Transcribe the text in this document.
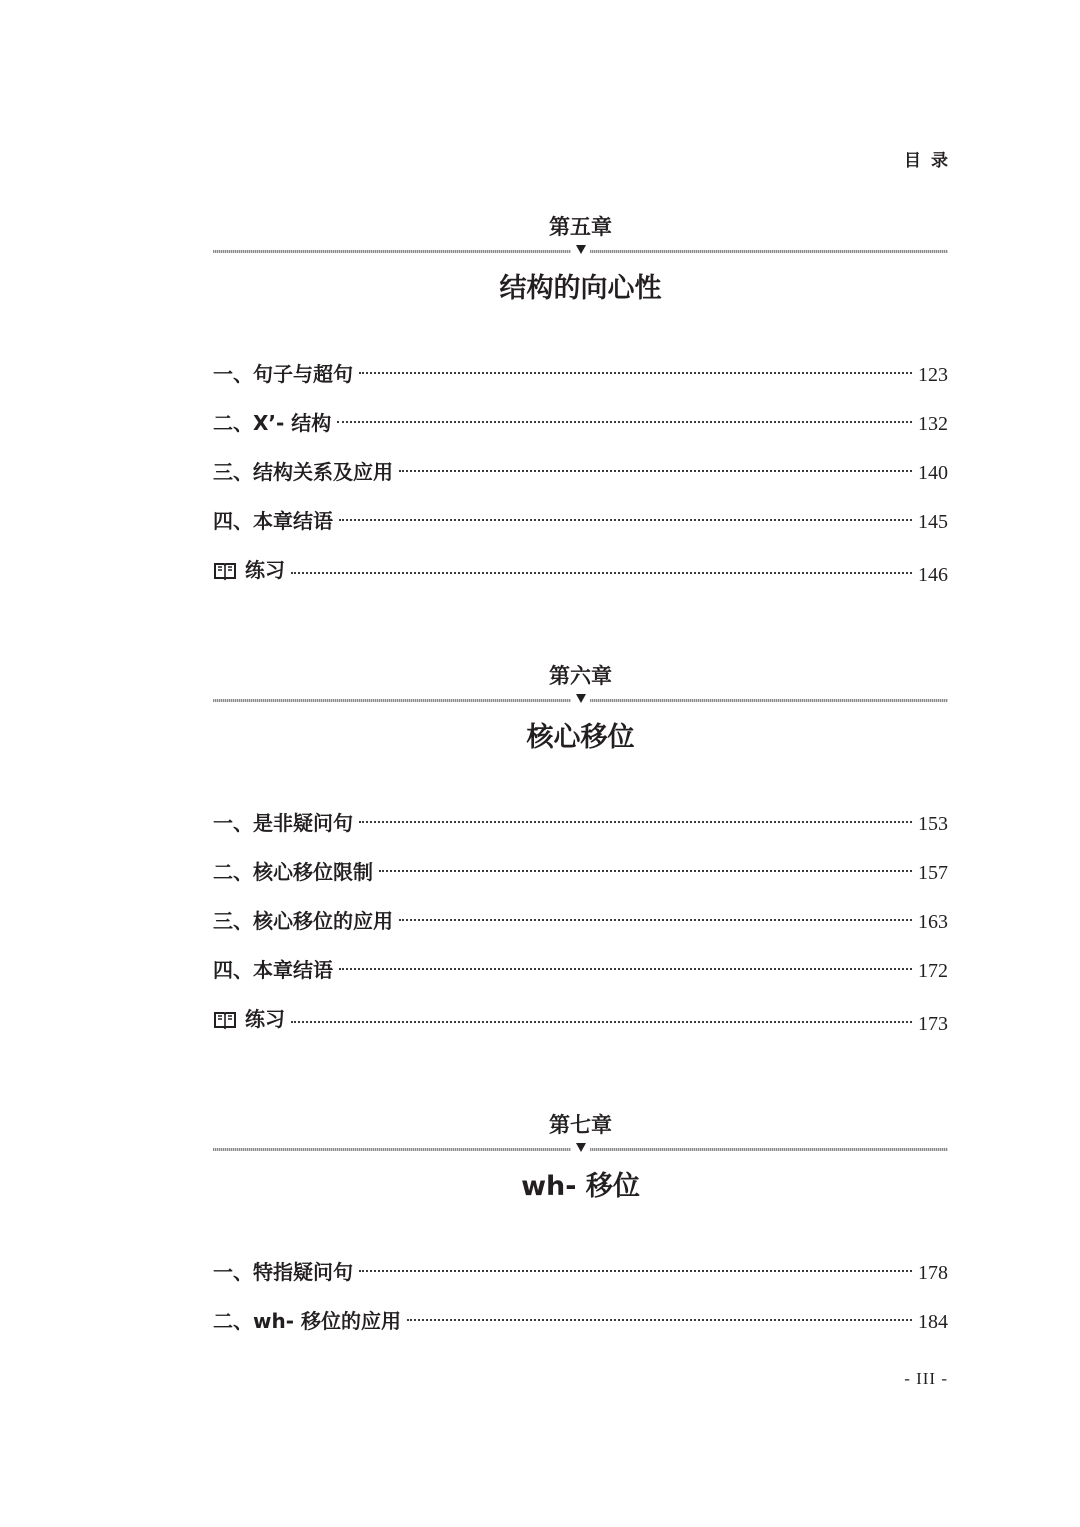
目录
第五章
结构的向心性
一、句子与超句	123
二、X’- 结构	132
三、结构关系及应用	140
四、本章结语	145
练习	146
第六章
核心移位
一、是非疑问句	153
二、核心移位限制	157
三、核心移位的应用	163
四、本章结语	172
练习	173
第七章
wh- 移位
一、特指疑问句	178
二、wh- 移位的应用	184
- III -
